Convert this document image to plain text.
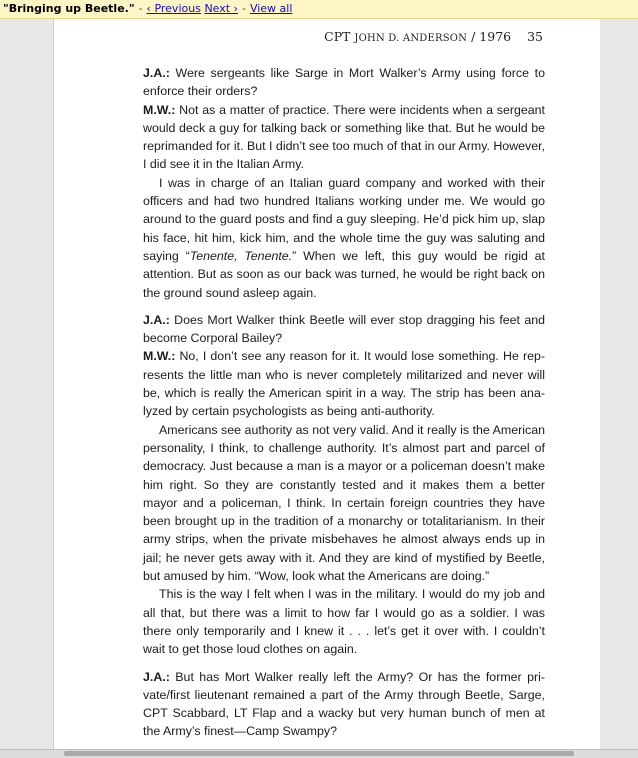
"Bringing up Beetle." - ‹ Previous Next › - View all
CPT JOHN D. ANDERSON / 1976 35

J.A.: Were sergeants like Sarge in Mort Walker’s Army using force to enforce their orders?

M.W.: Not as a matter of practice. There were incidents when a sergeant would deck a guy for talking back or something like that. But he would be reprimanded for it. But I didn’t see too much of that in our Army. However, I did see it in the Italian Army.

I was in charge of an Italian guard company and worked with their officers and had two hundred Italians working under me. We would go around to the guard posts and find a guy sleeping. He’d pick him up, slap his face, hit him, kick him, and the whole time the guy was saluting and saying “Tenente, Tenente.” When we left, this guy would be rigid at attention. But as soon as our back was turned, he would be right back on the ground sound asleep again.

J.A.: Does Mort Walker think Beetle will ever stop dragging his feet and become Corporal Bailey?

M.W.: No, I don’t see any reason for it. It would lose something. He represents the little man who is never completely militarized and never will be, which is really the American spirit in a way. The strip has been analyzed by certain psychologists as being anti-authority.

Americans see authority as not very valid. And it really is the American personality, I think, to challenge authority. It’s almost part and parcel of democracy. Just because a man is a mayor or a policeman doesn’t make him right. So they are constantly tested and it makes them a better mayor and a policeman, I think. In certain foreign countries they have been brought up in the tradition of a monarchy or totalitarianism. In their army strips, when the private misbehaves he almost always ends up in jail; he never gets away with it. And they are kind of mystified by Beetle, but amused by him. “Wow, look what the Americans are doing.”

This is the way I felt when I was in the military. I would do my job and all that, but there was a limit to how far I would go as a soldier. I was there only temporarily and I knew it . . . let’s get it over with. I couldn’t wait to get those loud clothes on again.

J.A.: But has Mort Walker really left the Army? Or has the former private/first lieutenant remained a part of the Army through Beetle, Sarge, CPT Scabbard, LT Flap and a wacky but very human bunch of men at the Army’s finest—Camp Swampy?
